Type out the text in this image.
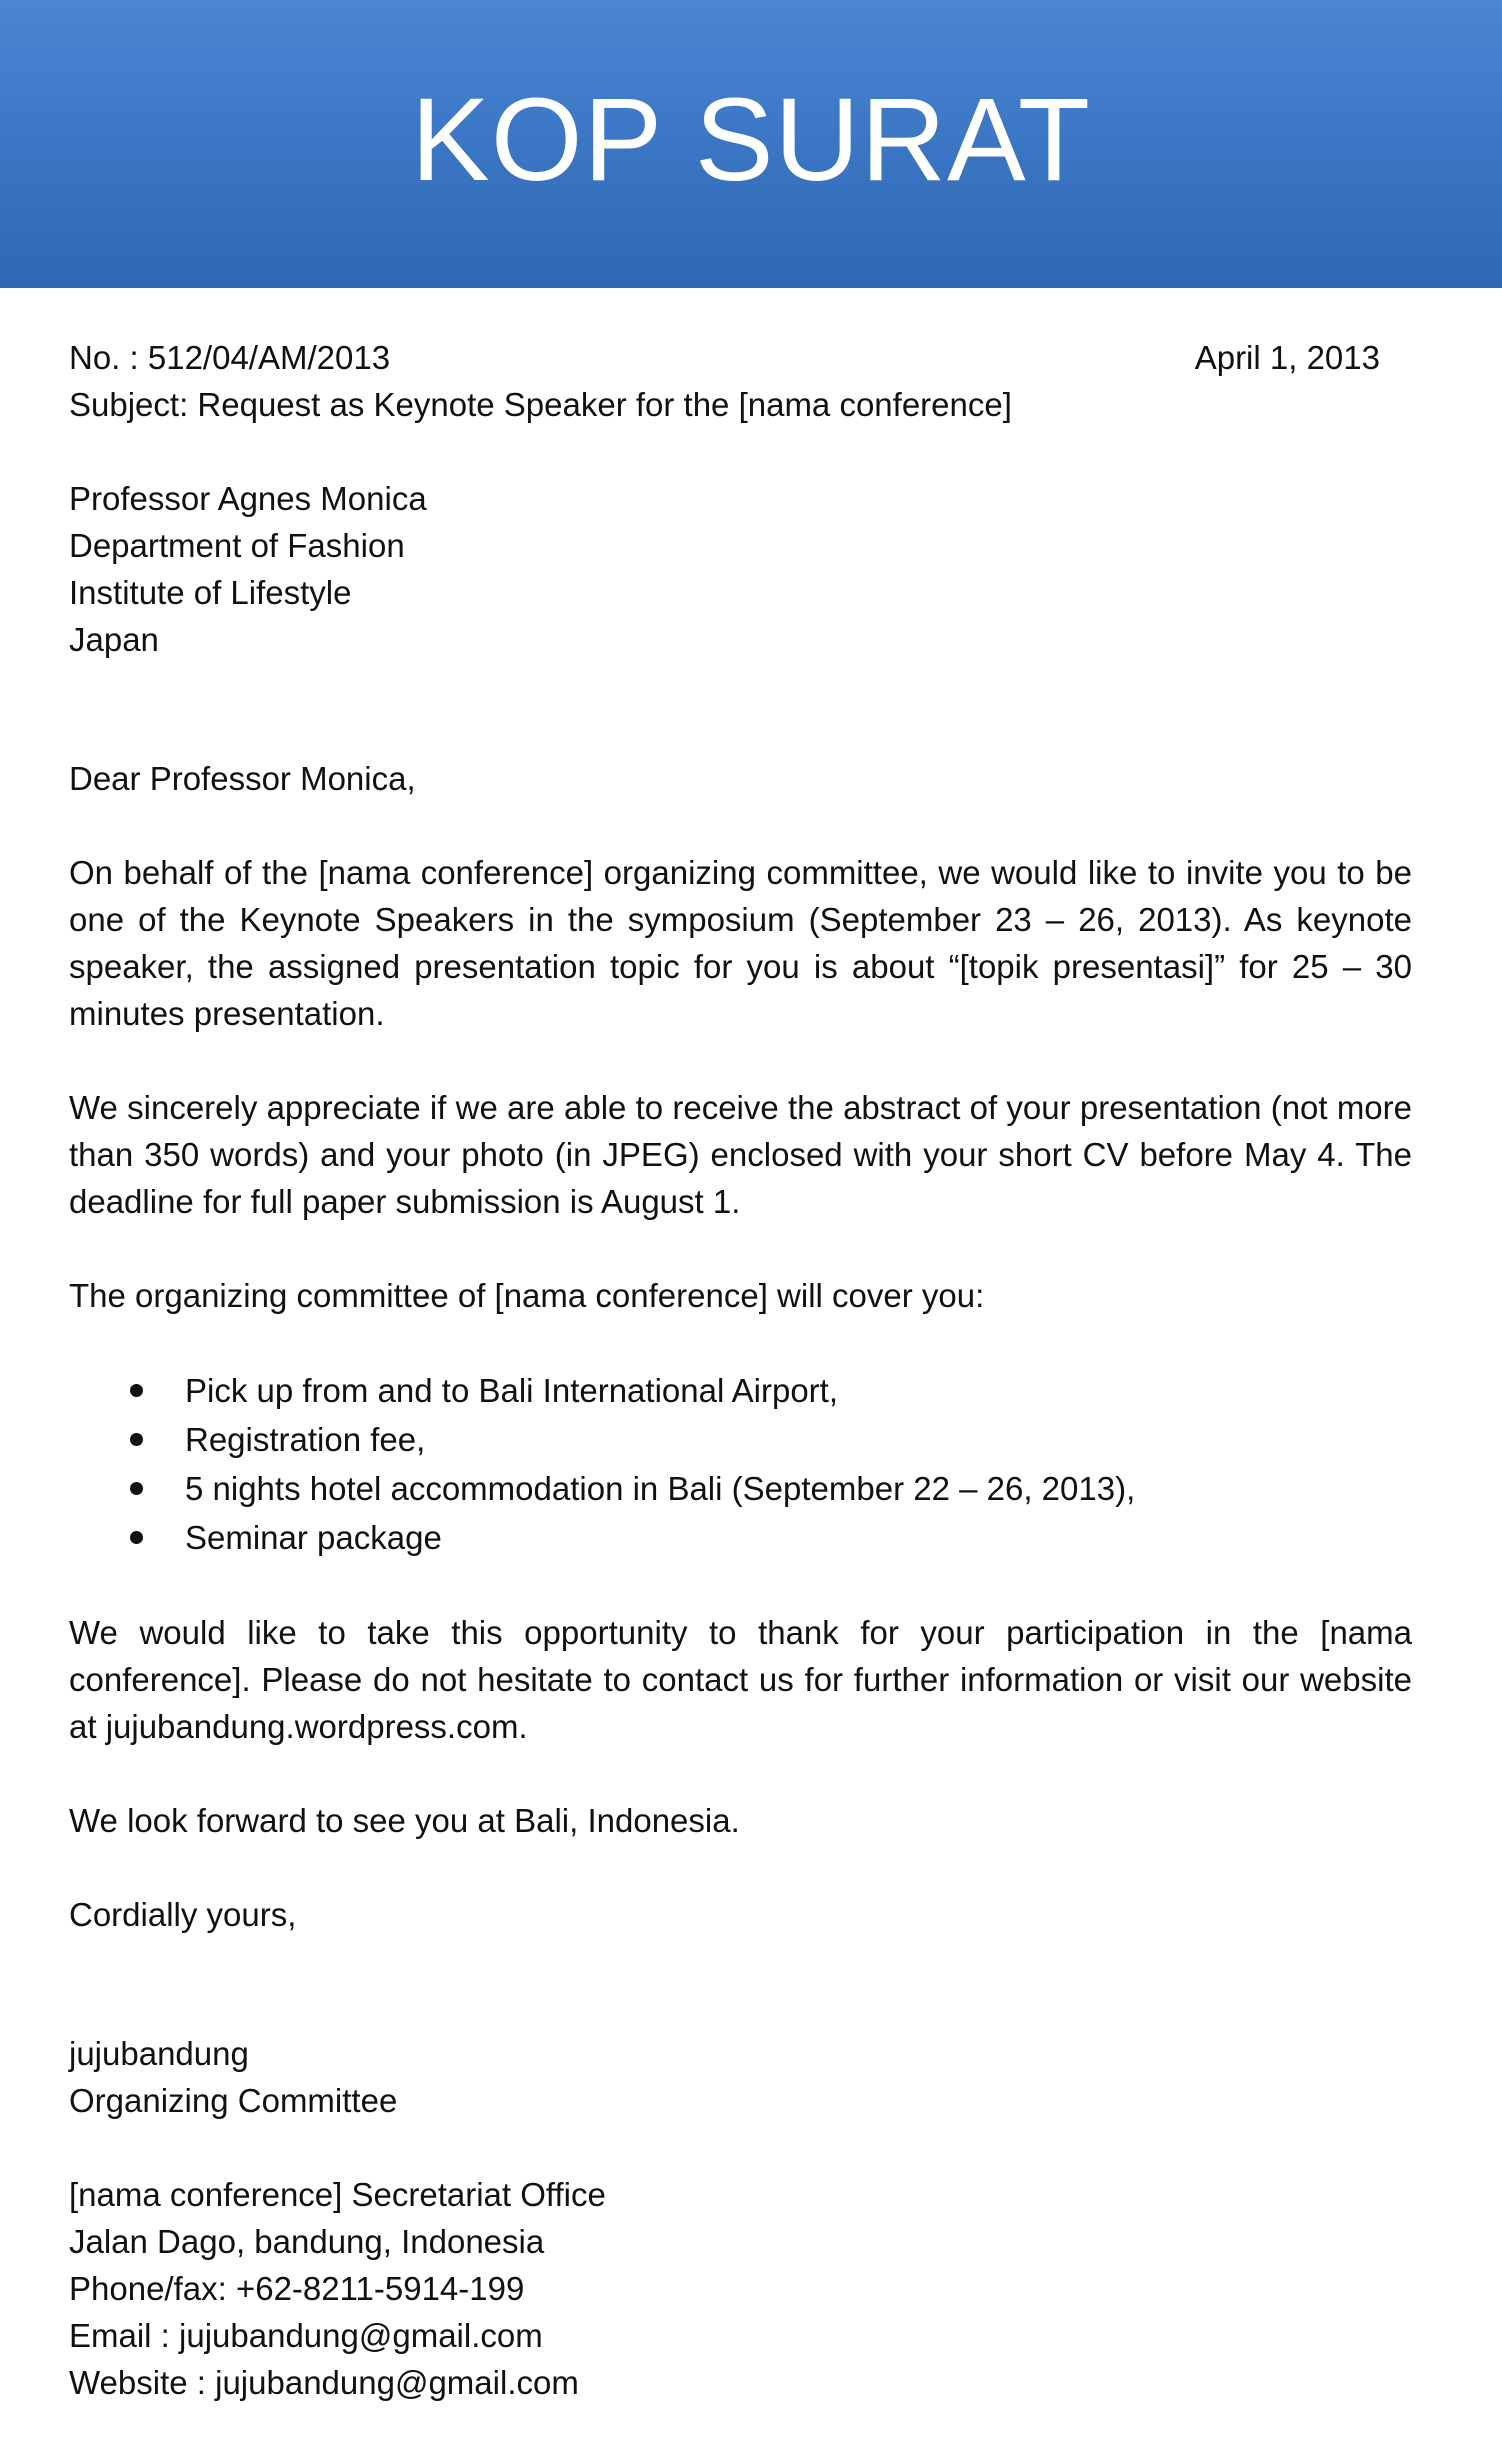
KOP SURAT
No. : 512/04/AM/2013	April 1, 2013
Subject: Request as Keynote Speaker for the [nama conference]
Professor Agnes Monica
Department of Fashion
Institute of Lifestyle
Japan
Dear Professor Monica,

On behalf of the [nama conference] organizing committee, we would like to invite you to be one of the Keynote Speakers in the symposium (September 23 – 26, 2013). As keynote speaker, the assigned presentation topic for you is about “[topik presentasi]” for 25 – 30 minutes presentation.

We sincerely appreciate if we are able to receive the abstract of your presentation (not more than 350 words) and your photo (in JPEG) enclosed with your short CV before May 4. The deadline for full paper submission is August 1.

The organizing committee of [nama conference] will cover you:
Pick up from and to Bali International Airport,
Registration fee,
5 nights hotel accommodation in Bali (September 22 – 26, 2013),
Seminar package

We would like to take this opportunity to thank for your participation in the [nama conference]. Please do not hesitate to contact us for further information or visit our website at jujubandung.wordpress.com.

We look forward to see you at Bali, Indonesia.
Cordially yours,
jujubandung
Organizing Committee
[nama conference] Secretariat Office
Jalan Dago, bandung, Indonesia
Phone/fax: +62-8211-5914-199
Email : jujubandung@gmail.com
Website : jujubandung@gmail.com
